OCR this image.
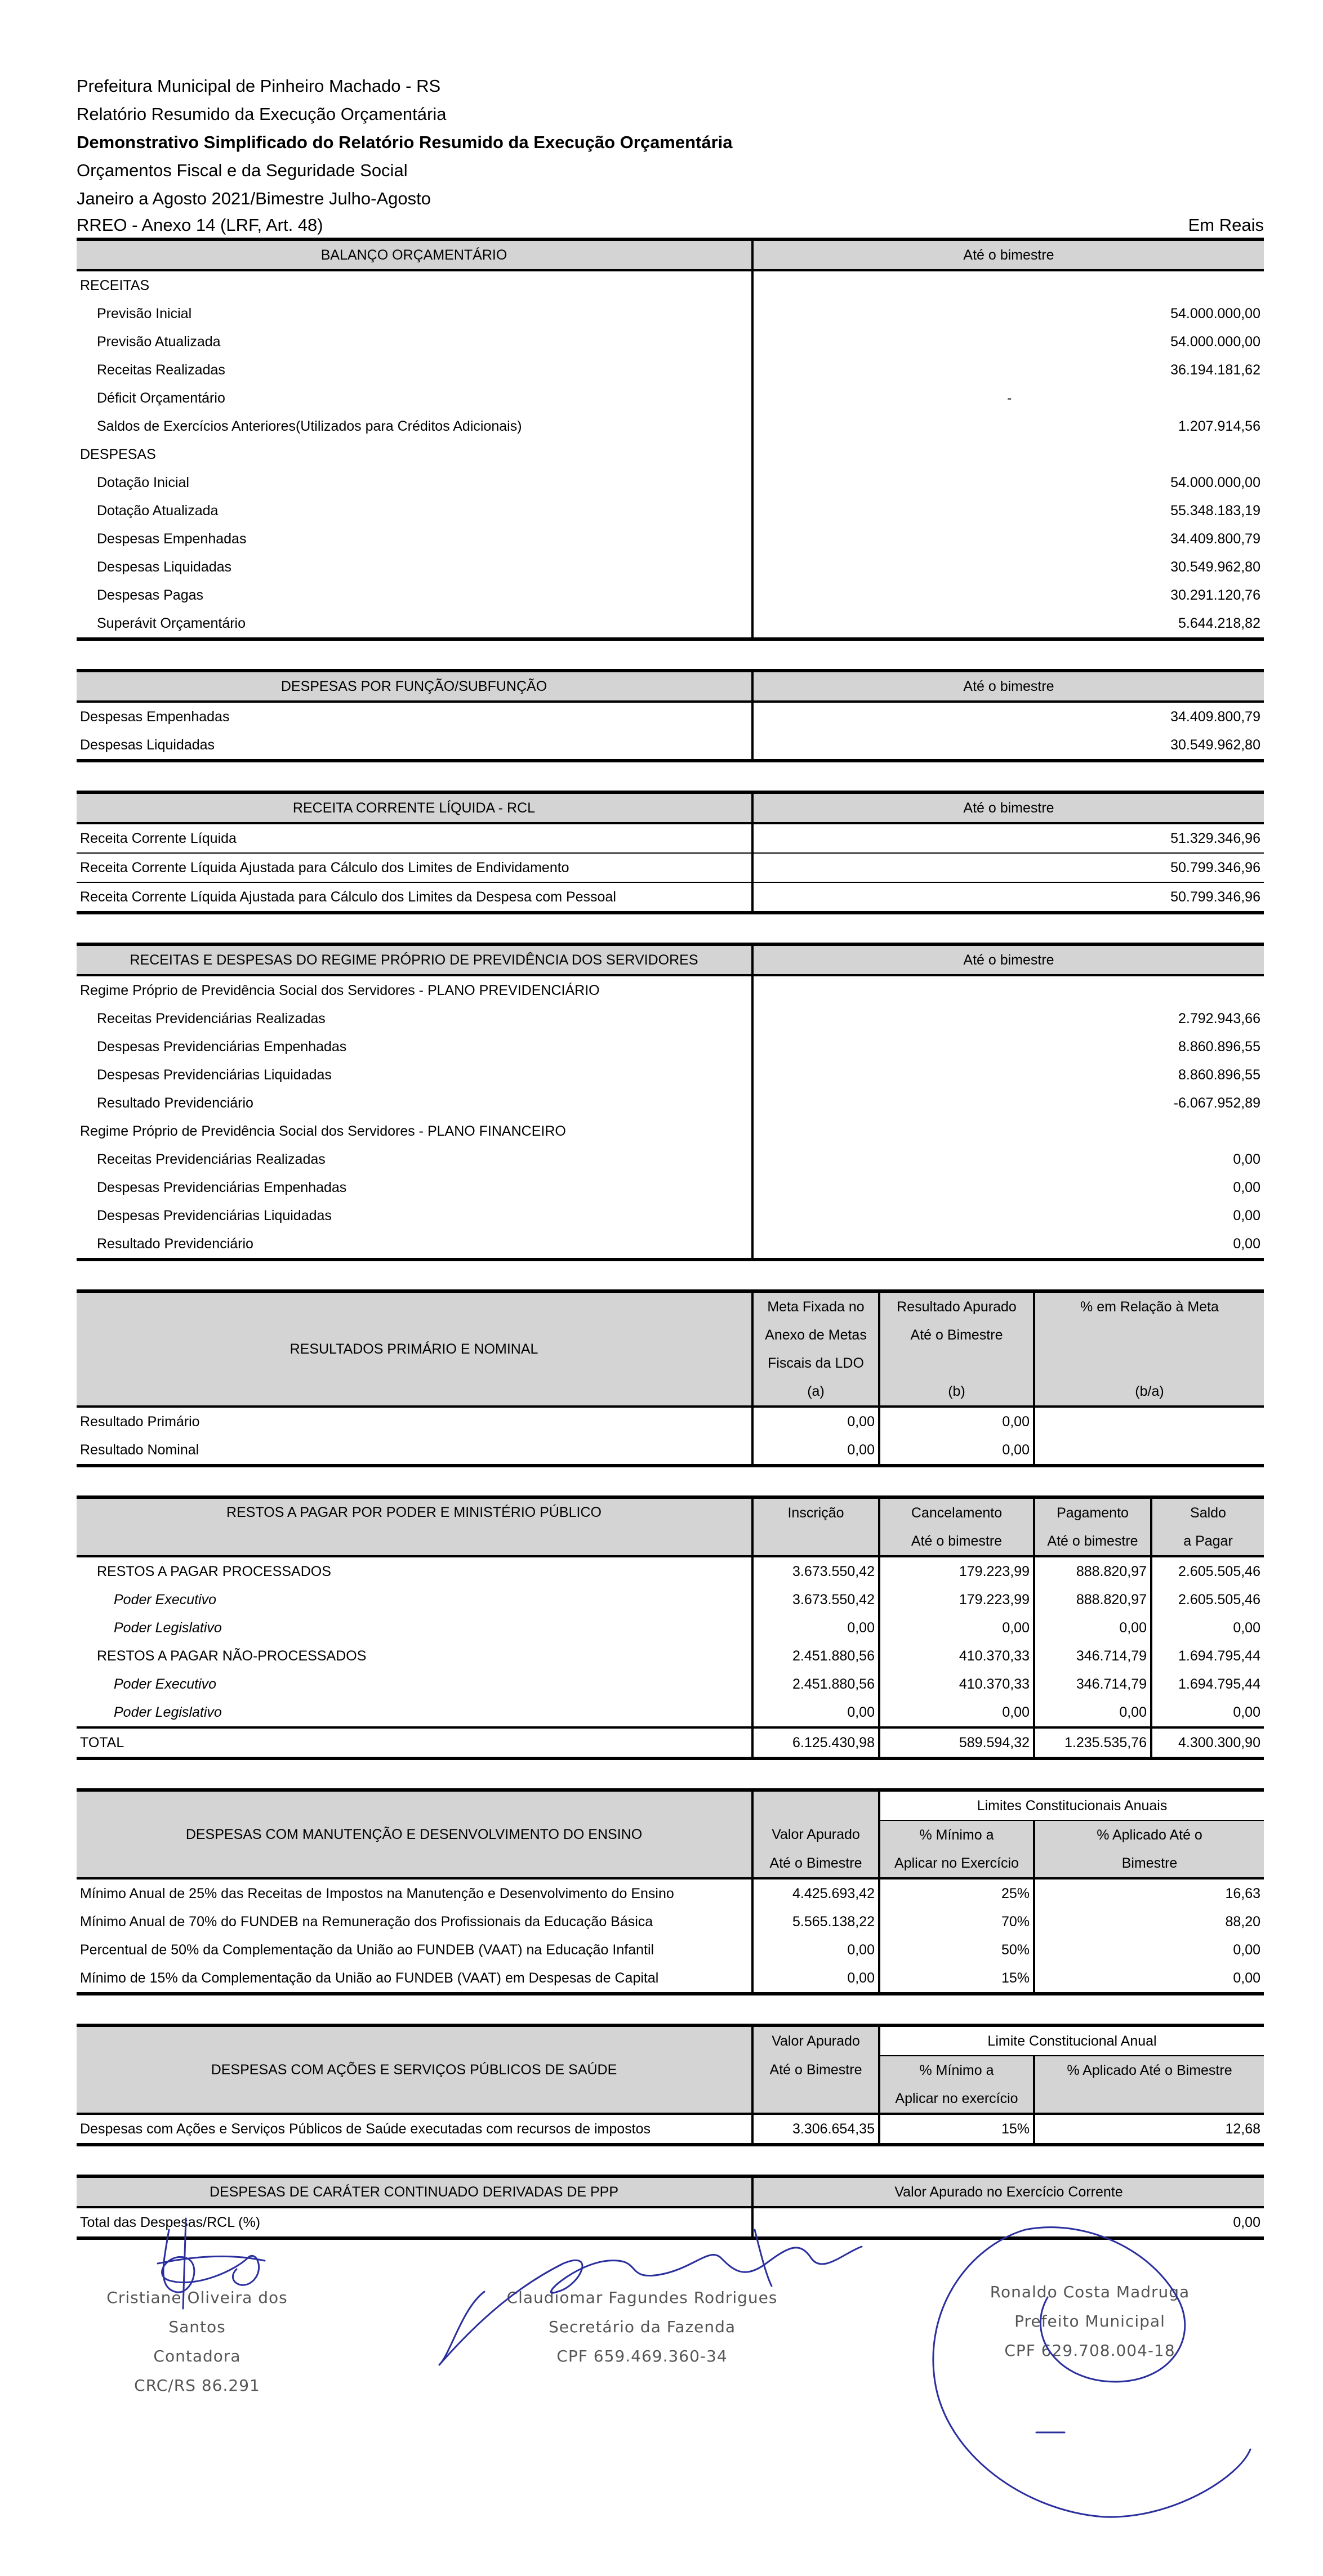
Prefeitura Municipal de Pinheiro Machado - RS
Relatório Resumido da Execução Orçamentária
Demonstrativo Simplificado do Relatório Resumido da Execução Orçamentária
Orçamentos Fiscal e da Seguridade Social
Janeiro a Agosto 2021/Bimestre Julho-Agosto
RREO - Anexo 14 (LRF, Art. 48)	Em Reais
BALANÇO ORÇAMENTÁRIO	Até o bimestre
RECEITAS	
Previsão Inicial	54.000.000,00
Previsão Atualizada	54.000.000,00
Receitas Realizadas	36.194.181,62
Déficit Orçamentário	-
Saldos de Exercícios Anteriores(Utilizados para Créditos Adicionais)	1.207.914,56
DESPESAS	
Dotação Inicial	54.000.000,00
Dotação Atualizada	55.348.183,19
Despesas Empenhadas	34.409.800,79
Despesas Liquidadas	30.549.962,80
Despesas Pagas	30.291.120,76
Superávit Orçamentário	5.644.218,82
DESPESAS POR FUNÇÃO/SUBFUNÇÃO	Até o bimestre
Despesas Empenhadas	34.409.800,79
Despesas Liquidadas	30.549.962,80
RECEITA CORRENTE LÍQUIDA - RCL	Até o bimestre
Receita Corrente Líquida	51.329.346,96
Receita Corrente Líquida Ajustada para Cálculo dos Limites de Endividamento	50.799.346,96
Receita Corrente Líquida Ajustada para Cálculo dos Limites da Despesa com Pessoal	50.799.346,96
RECEITAS E DESPESAS DO REGIME PRÓPRIO DE PREVIDÊNCIA DOS SERVIDORES	Até o bimestre
Regime Próprio de Previdência Social dos Servidores - PLANO PREVIDENCIÁRIO	
Receitas Previdenciárias Realizadas	2.792.943,66
Despesas Previdenciárias Empenhadas	8.860.896,55
Despesas Previdenciárias Liquidadas	8.860.896,55
Resultado Previdenciário	-6.067.952,89
Regime Próprio de Previdência Social dos Servidores - PLANO FINANCEIRO	
Receitas Previdenciárias Realizadas	0,00
Despesas Previdenciárias Empenhadas	0,00
Despesas Previdenciárias Liquidadas	0,00
Resultado Previdenciário	0,00
RESULTADOS PRIMÁRIO E NOMINAL	Meta Fixada no	Resultado Apurado	% em Relação à Meta
	Anexo de Metas	Até o Bimestre	
	Fiscais da LDO		
	(a)	(b)	(b/a)
Resultado Primário	0,00	0,00	
Resultado Nominal	0,00	0,00	
RESTOS A PAGAR POR PODER E MINISTÉRIO PÚBLICO	Inscrição	Cancelamento	Pagamento	Saldo
		Até o bimestre	Até o bimestre	a Pagar
RESTOS A PAGAR PROCESSADOS	3.673.550,42	179.223,99	888.820,97	2.605.505,46
Poder Executivo	3.673.550,42	179.223,99	888.820,97	2.605.505,46
Poder Legislativo	0,00	0,00	0,00	0,00
RESTOS A PAGAR NÃO-PROCESSADOS	2.451.880,56	410.370,33	346.714,79	1.694.795,44
Poder Executivo	2.451.880,56	410.370,33	346.714,79	1.694.795,44
Poder Legislativo	0,00	0,00	0,00	0,00
TOTAL	6.125.430,98	589.594,32	1.235.535,76	4.300.300,90
DESPESAS COM MANUTENÇÃO E DESENVOLVIMENTO DO ENSINO		Limites Constitucionais Anuais	
	Valor Apurado	% Mínimo a	% Aplicado Até o
	Até o Bimestre	Aplicar no Exercício	Bimestre
Mínimo Anual de 25% das Receitas de Impostos na Manutenção e Desenvolvimento do Ensino	4.425.693,42	25%	16,63
Mínimo Anual de 70% do FUNDEB na Remuneração dos Profissionais da Educação Básica	5.565.138,22	70%	88,20
Percentual de 50% da Complementação da União ao FUNDEB (VAAT) na Educação Infantil	0,00	50%	0,00
Mínimo de 15% da Complementação da União ao FUNDEB (VAAT) em Despesas de Capital	0,00	15%	0,00
DESPESAS COM AÇÕES E SERVIÇOS PÚBLICOS DE SAÚDE	Valor Apurado	Limite Constitucional Anual	
	Até o Bimestre	% Mínimo a	% Aplicado Até o Bimestre
		Aplicar no exercício	
Despesas com Ações e Serviços Públicos de Saúde executadas com recursos de impostos	3.306.654,35	15%	12,68
DESPESAS DE CARÁTER CONTINUADO DERIVADAS DE PPP	Valor Apurado no Exercício Corrente
Total das Despesas/RCL (%)	0,00
Cristiane Oliveira dos Santos
Contadora
CRC/RS 86.291
Claudiomar Fagundes Rodrigues
Secretário da Fazenda
CPF 659.469.360-34
Ronaldo Costa Madruga
Prefeito Municipal
CPF 629.708.004-18
